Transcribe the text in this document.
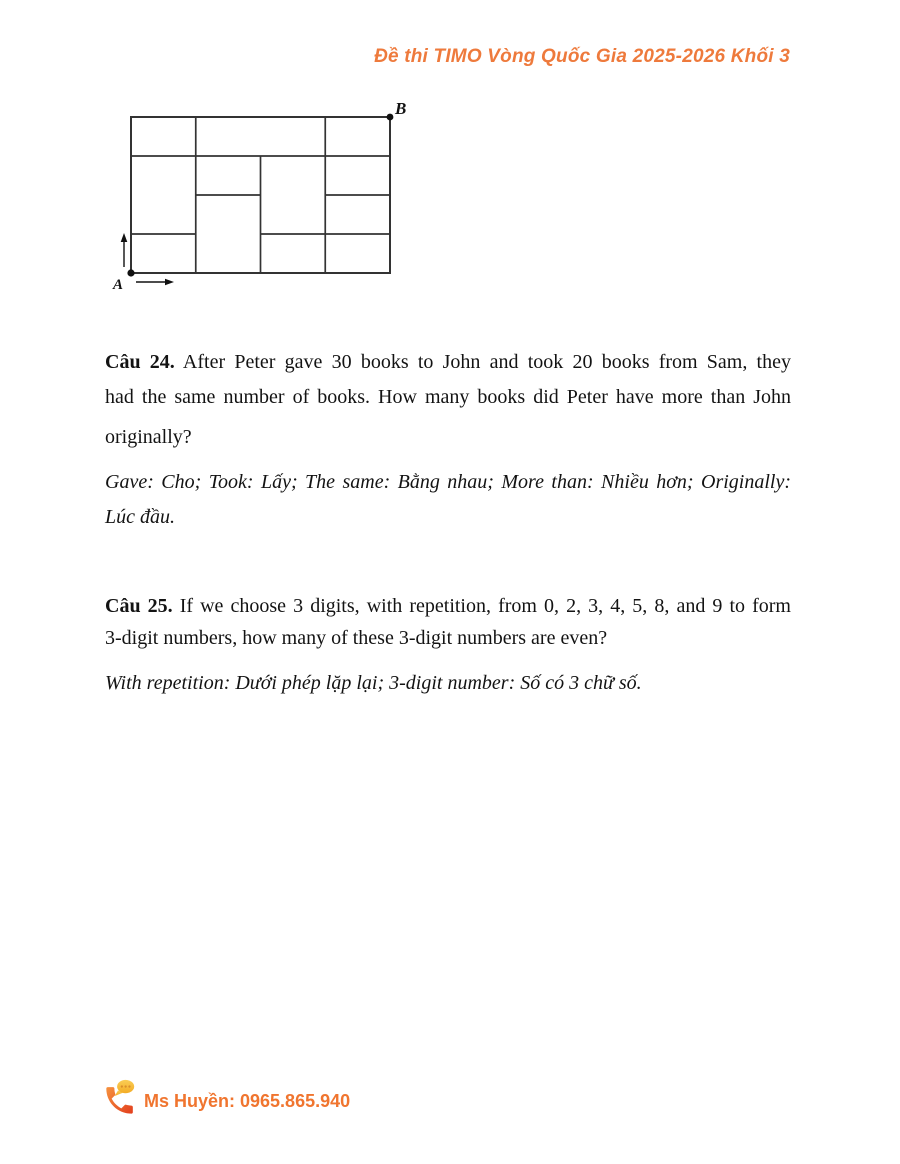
Đề thi TIMO Vòng Quốc Gia 2025-2026 Khối 3
B
A
Câu 24. After Peter gave 30 books to John and took 20 books from Sam, they
had the same number of books. How many books did Peter have more than John
originally?
Gave: Cho; Took: Lấy; The same: Bằng nhau; More than: Nhiều hơn; Originally:
Lúc đầu.
Câu 25. If we choose 3 digits, with repetition, from 0, 2, 3, 4, 5, 8, and 9 to form
3-digit numbers, how many of these 3-digit numbers are even?
With repetition: Dưới phép lặp lại; 3-digit number: Số có 3 chữ số.
Ms Huyền: 0965.865.940
